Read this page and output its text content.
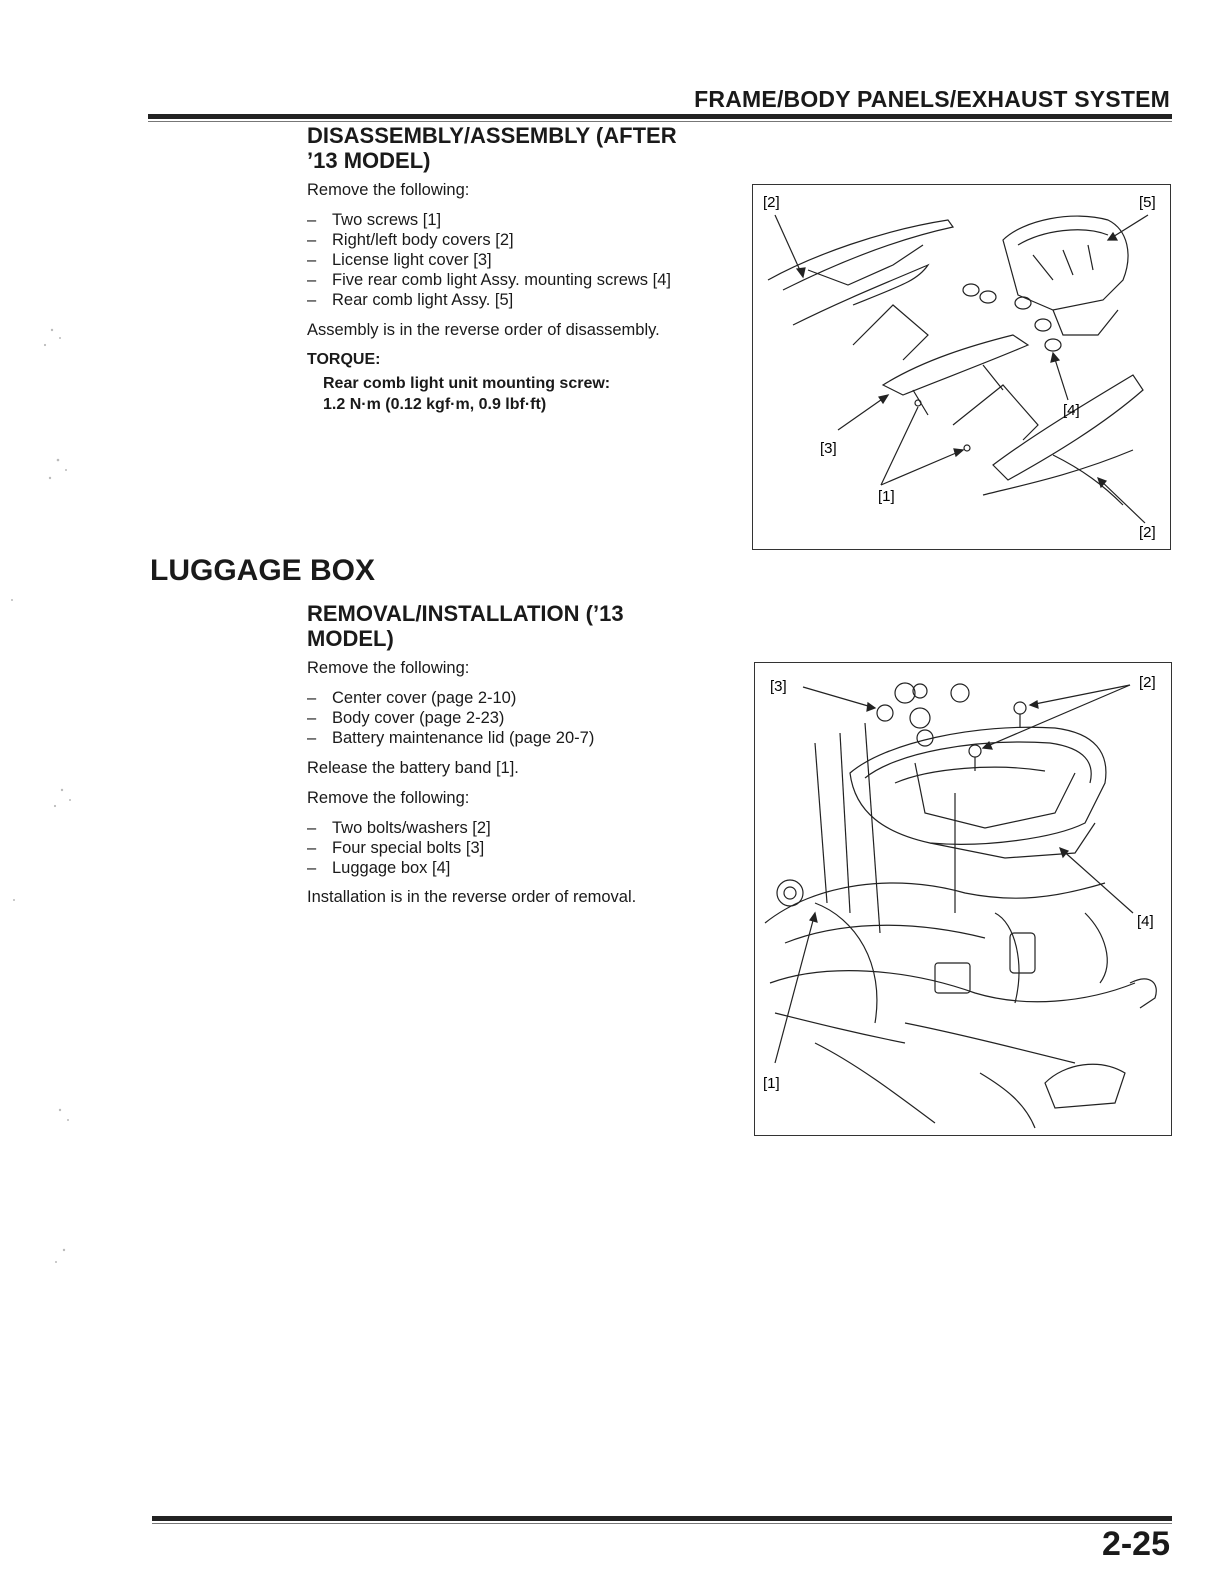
FRAME/BODY PANELS/EXHAUST SYSTEM
DISASSEMBLY/ASSEMBLY (AFTER
’13 MODEL)
Remove the following:
– Two screws [1]
– Right/left body covers [2]
– License light cover [3]
– Five rear comb light Assy. mounting screws [4]
– Rear comb light Assy. [5]
Assembly is in the reverse order of disassembly.
TORQUE:
Rear comb light unit mounting screw:
1.2 N·m (0.12 kgf·m, 0.9 lbf·ft)
[2]	[5]
[4]
[3]
[1]
[2]
LUGGAGE BOX
REMOVAL/INSTALLATION (’13
MODEL)
Remove the following:
– Center cover (page 2-10)
– Body cover (page 2-23)
– Battery maintenance lid (page 20-7)
Release the battery band [1].
Remove the following:
– Two bolts/washers [2]
– Four special bolts [3]
– Luggage box [4]
Installation is in the reverse order of removal.
[3]	[2]
[4]
[1]
2-25
